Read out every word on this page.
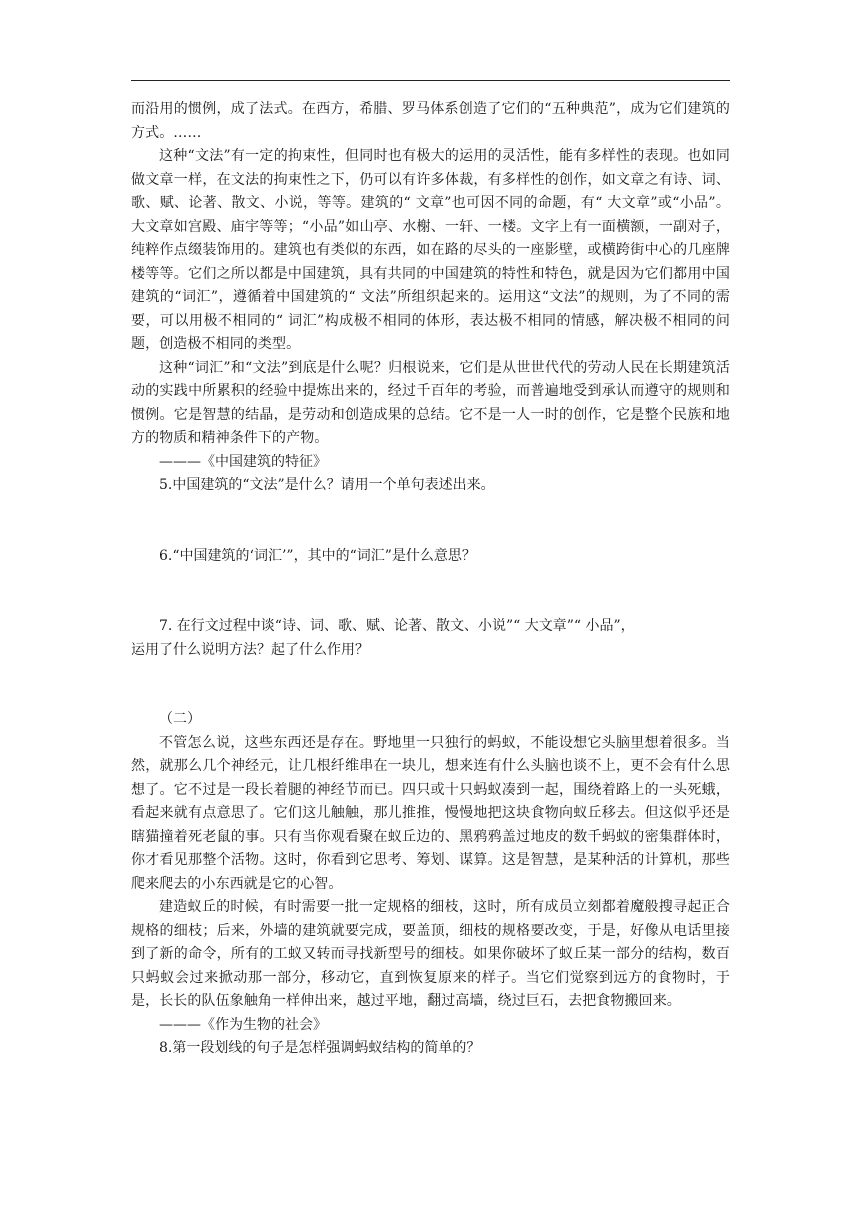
而沿用的惯例，成了法式。在西方，希腊、罗马体系创造了它们的“五种典范”，成为它们建筑的方式。……

这种“文法”有一定的拘束性，但同时也有极大的运用的灵活性，能有多样性的表现。也如同做文章一样，在文法的拘束性之下，仍可以有许多体裁，有多样性的创作，如文章之有诗、词、歌、赋、论著、散文、小说，等等。建筑的“ 文章”也可因不同的命题，有“ 大文章”或“小品”。大文章如宫殿、庙宇等等；“小品”如山亭、水榭、一轩、一楼。文字上有一面横额，一副对子，纯粹作点缀装饰用的。建筑也有类似的东西，如在路的尽头的一座影壁，或横跨街中心的几座牌楼等等。它们之所以都是中国建筑，具有共同的中国建筑的特性和特色，就是因为它们都用中国建筑的“词汇”，遵循着中国建筑的“ 文法”所组织起来的。运用这“文法”的规则，为了不同的需要，可以用极不相同的“ 词汇”构成极不相同的体形，表达极不相同的情感，解决极不相同的问题，创造极不相同的类型。

这种“词汇”和“文法”到底是什么呢？归根说来，它们是从世世代代的劳动人民在长期建筑活动的实践中所累积的经验中提炼出来的，经过千百年的考验，而普遍地受到承认而遵守的规则和惯例。它是智慧的结晶，是劳动和创造成果的总结。它不是一人一时的创作，它是整个民族和地方的物质和精神条件下的产物。

———《中国建筑的特征》

5.中国建筑的“文法”是什么？请用一个单句表述出来。

6.“中国建筑的‘词汇’”，其中的“词汇”是什么意思？

7. 在行文过程中谈“诗、词、歌、赋、论著、散文、小说”“ 大文章”“ 小品”，

运用了什么说明方法？起了什么作用？

（二）

不管怎么说，这些东西还是存在。野地里一只独行的蚂蚁，不能设想它头脑里想着很多。当然，就那么几个神经元，让几根纤维串在一块儿，想来连有什么头脑也谈不上，更不会有什么思想了。它不过是一段长着腿的神经节而已。四只或十只蚂蚁凑到一起，围绕着路上的一头死蛾，看起来就有点意思了。它们这儿触触，那儿推推，慢慢地把这块食物向蚁丘移去。但这似乎还是瞎猫撞着死老鼠的事。只有当你观看聚在蚁丘边的、黑鸦鸦盖过地皮的数千蚂蚁的密集群体时，你才看见那整个活物。这时，你看到它思考、筹划、谋算。这是智慧，是某种活的计算机，那些爬来爬去的小东西就是它的心智。

建造蚁丘的时候，有时需要一批一定规格的细枝，这时，所有成员立刻都着魔般搜寻起正合规格的细枝；后来，外墙的建筑就要完成，要盖顶，细枝的规格要改变，于是，好像从电话里接到了新的命令，所有的工蚁又转而寻找新型号的细枝。如果你破坏了蚁丘某一部分的结构，数百只蚂蚁会过来掀动那一部分，移动它，直到恢复原来的样子。当它们觉察到远方的食物时，于是，长长的队伍象触角一样伸出来，越过平地，翻过高墙，绕过巨石，去把食物搬回来。

———《作为生物的社会》

8.第一段划线的句子是怎样强调蚂蚁结构的简单的？
